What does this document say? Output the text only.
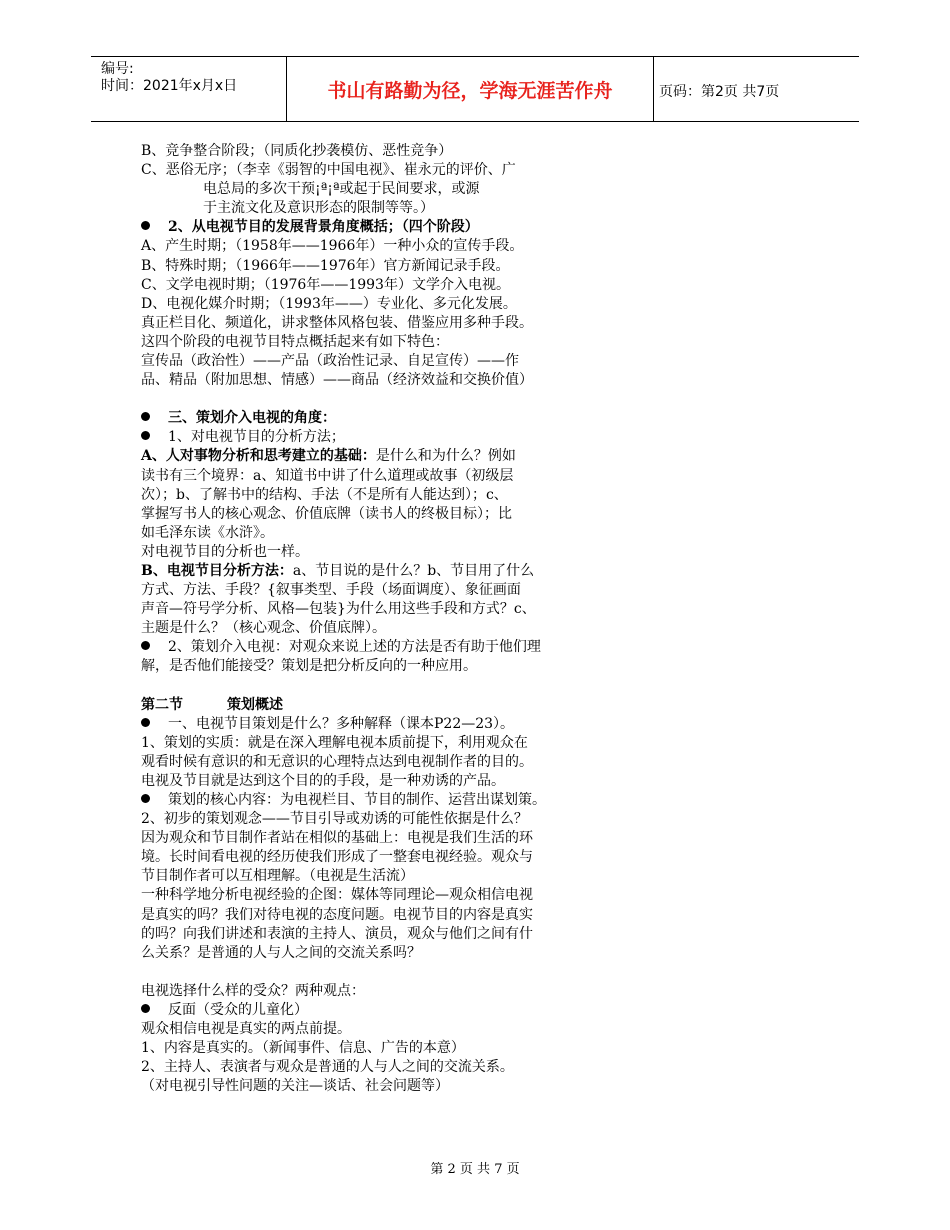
编号:
时间：2021年x月x日	书山有路勤为径，学海无涯苦作舟	页码：第2页 共7页

B、竞争整合阶段；（同质化抄袭模仿、恶性竞争）

C、恶俗无序；（李幸《弱智的中国电视》、崔永元的评价、广

电总局的多次干预¡ª¡ª或起于民间要求，或源

于主流文化及意识形态的限制等等。）

2、从电视节目的发展背景角度概括；（四个阶段）

A、产生时期；（1958年——1966年）一种小众的宣传手段。

B、特殊时期；（1966年——1976年）官方新闻记录手段。

C、文学电视时期；（1976年——1993年）文学介入电视。

D、电视化媒介时期；（1993年——）专业化、多元化发展。

真正栏目化、频道化，讲求整体风格包装、借鉴应用多种手段。

这四个阶段的电视节目特点概括起来有如下特色：

宣传品（政治性）——产品（政治性记录、自足宣传）——作

品、精品（附加思想、情感）——商品（经济效益和交换价值）

三、策划介入电视的角度：

1、对电视节目的分析方法；

A、人对事物分析和思考建立的基础：是什么和为什么？例如

读书有三个境界：a、知道书中讲了什么道理或故事（初级层

次）；b、了解书中的结构、手法（不是所有人能达到）；c、

掌握写书人的核心观念、价值底牌（读书人的终极目标）；比

如毛泽东读《水浒》。

对电视节目的分析也一样。

B、电视节目分析方法：a、节目说的是什么？b、节目用了什么

方式、方法、手段？{叙事类型、手段（场面调度）、象征画面

声音—符号学分析、风格—包装}为什么用这些手段和方式？c、

主题是什么？（核心观念、价值底牌）。

2、策划介入电视：对观众来说上述的方法是否有助于他们理

解，是否他们能接受？策划是把分析反向的一种应用。

第二节	策划概述

一、电视节目策划是什么？多种解释（课本P22—23）。

1、策划的实质：就是在深入理解电视本质前提下，利用观众在

观看时候有意识的和无意识的心理特点达到电视制作者的目的。

电视及节目就是达到这个目的的手段，是一种劝诱的产品。

策划的核心内容：为电视栏目、节目的制作、运营出谋划策。

2、初步的策划观念——节目引导或劝诱的可能性依据是什么？

因为观众和节目制作者站在相似的基础上：电视是我们生活的环

境。长时间看电视的经历使我们形成了一整套电视经验。观众与

节目制作者可以互相理解。（电视是生活流）

一种科学地分析电视经验的企图：媒体等同理论—观众相信电视

是真实的吗？我们对待电视的态度问题。电视节目的内容是真实

的吗？向我们讲述和表演的主持人、演员，观众与他们之间有什

么关系？是普通的人与人之间的交流关系吗？

电视选择什么样的受众？两种观点：

反面（受众的儿童化）

观众相信电视是真实的两点前提。

1、内容是真实的。（新闻事件、信息、广告的本意）

2、主持人、表演者与观众是普通的人与人之间的交流关系。

（对电视引导性问题的关注—谈话、社会问题等）

第 2 页 共 7 页
